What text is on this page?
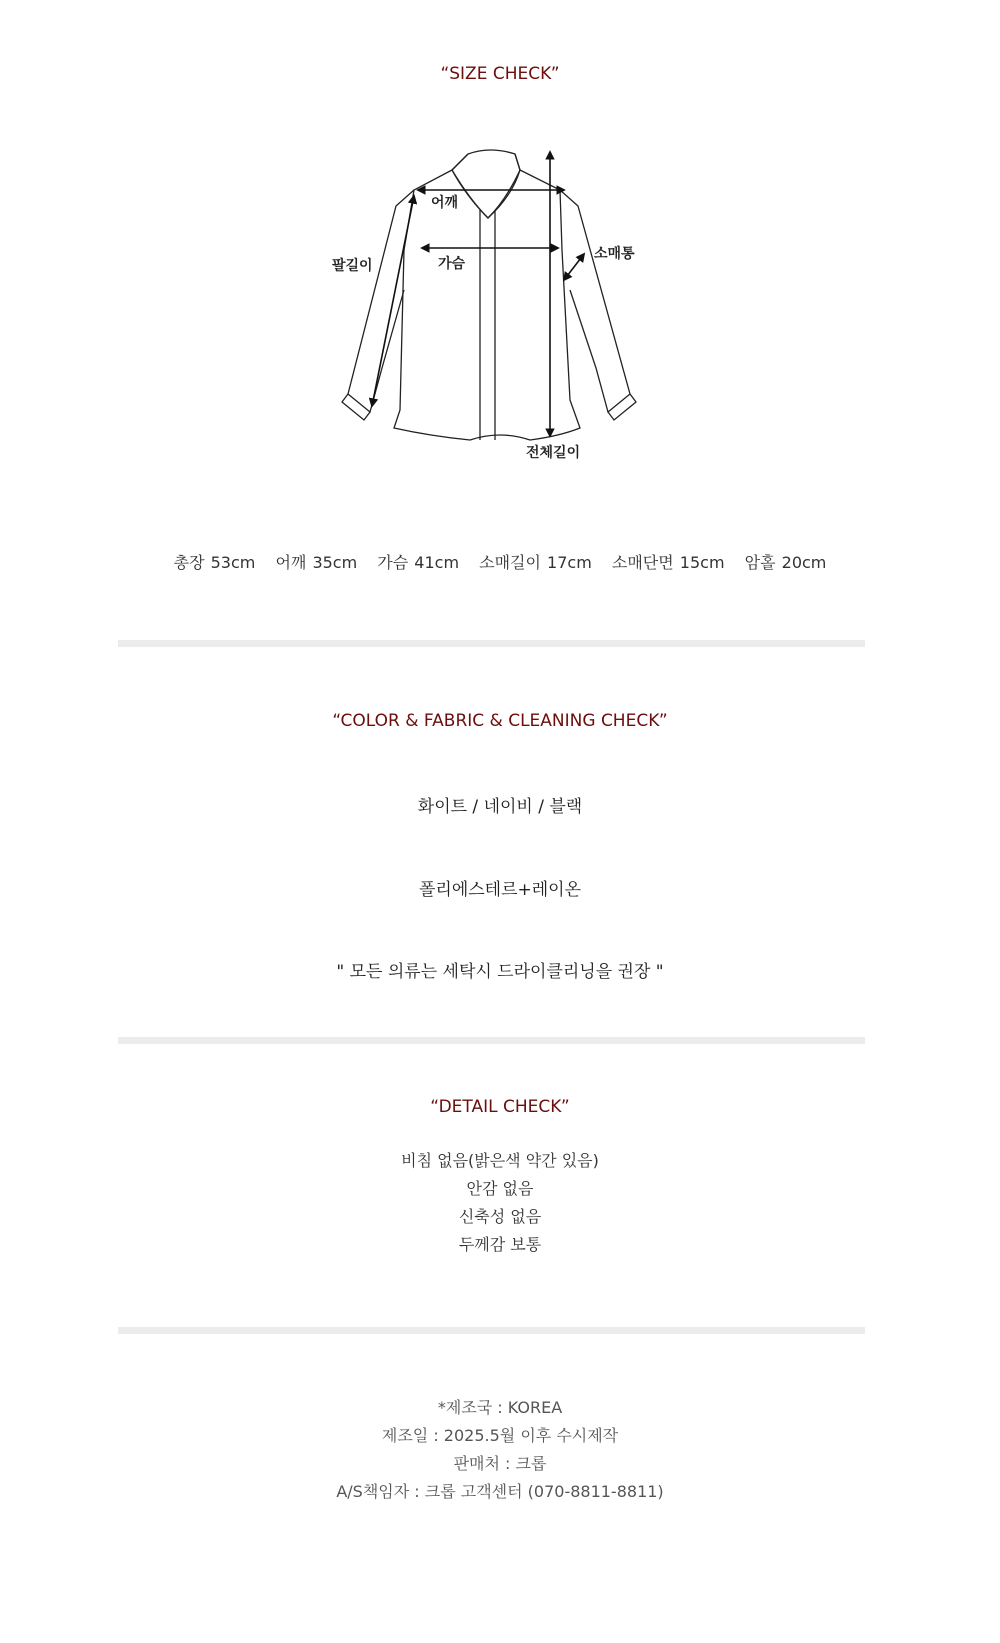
“SIZE CHECK”
어깨
가슴
팔길이
소매통
전체길이
총장 53cm 어깨 35cm 가슴 41cm 소매길이 17cm 소매단면 15cm 암홀 20cm
“COLOR & FABRIC & CLEANING CHECK”
화이트 / 네이비 / 블랙
폴리에스테르+레이온
" 모든 의류는 세탁시 드라이클리닝을 권장 "
“DETAIL CHECK”
비침 없음(밝은색 약간 있음)
안감 없음
신축성 없음
두께감 보통
*제조국 : KOREA
제조일 : 2025.5월 이후 수시제작
판매처 : 크롭
A/S책임자 : 크롭 고객센터 (070-8811-8811)
